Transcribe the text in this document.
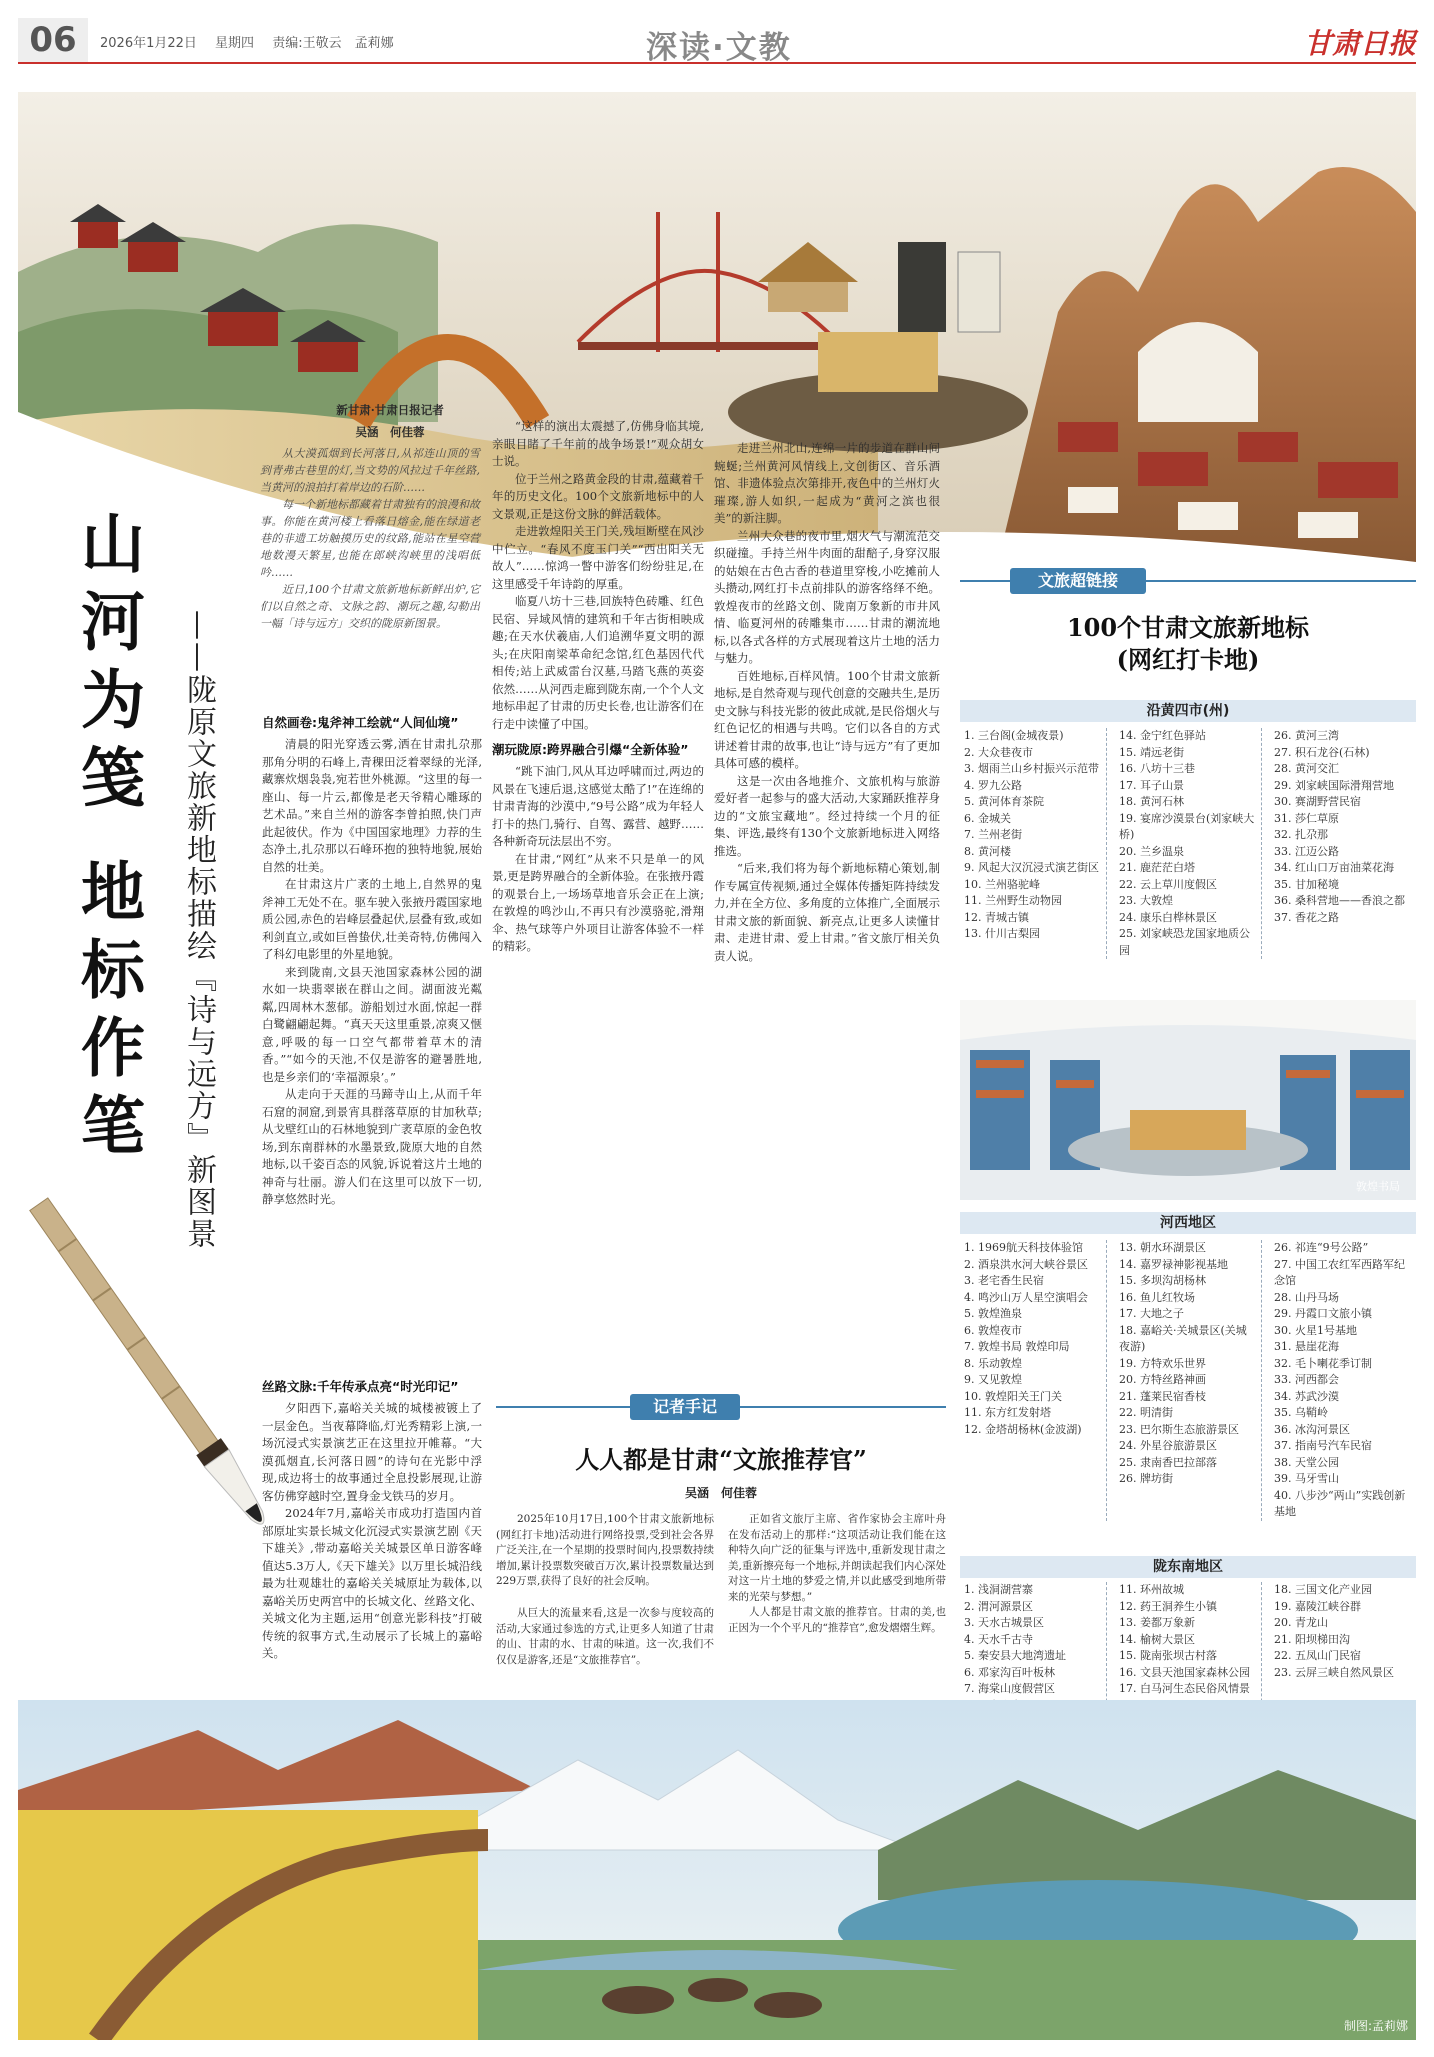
06	2026年1月22日 星期四 责编:王敬云　孟莉娜	深读·文教	甘肃日报
山河为笺 地标作笔 ——陇原文旅新地标描绘『诗与远方』新图景

新甘肃·甘肃日报记者

吴涵　何佳蓉

从大漠孤烟到长河落日,从祁连山顶的雪到青弗古巷里的灯,当文势的风拉过千年丝路,当黄河的浪拍打着岸边的石阶……

每一个新地标都藏着甘肃独有的浪漫和故事。你能在黄河楼上看落日熔金,能在绿道老巷的非遗工坊触摸历史的纹路,能站在星空营地数漫天繁星,也能在郎峡沟峡里的浅唱低吟……

近日,100个甘肃文旅新地标新鲜出炉,它们以自然之奇、文脉之韵、潮玩之趣,勾勒出一幅「诗与远方」交织的陇原新图景。

自然画卷:鬼斧神工绘就“人间仙境”

清晨的阳光穿透云雾,洒在甘肃扎尕那那角分明的石峰上,青稞田泛着翠绿的光泽,藏寨炊烟袅袅,宛若世外桃源。“这里的每一座山、每一片云,都像是老天爷精心雕琢的艺术品。”来自兰州的游客李曾拍照,快门声此起彼伏。作为《中国国家地理》力荐的生态净土,扎尕那以石峰环抱的独特地貌,展始自然的壮美。

在甘肃这片广袤的土地上,自然界的鬼斧神工无处不在。驱车驶入张掖丹霞国家地质公园,赤色的岩峰层叠起伏,层叠有致,或如利剑直立,或如巨兽蛰伏,壮美奇特,仿佛闯入了科幻电影里的外星地貌。

来到陇南,文县天池国家森林公园的湖水如一块翡翠嵌在群山之间。湖面波光粼粼,四周林木葱郁。游船划过水面,惊起一群白鹭翩翩起舞。“真天天这里重景,凉爽又惬意,呼吸的每一口空气都带着草木的清香。”“如今的天池,不仅是游客的避暑胜地,也是乡亲们的‘幸福源泉’。”

从走向于天涯的马蹄寺山上,从而千年石窟的洞窟,到景宵具群落草原的甘加秋草;从戈壁红山的石林地貌到广袤草原的金色牧场,到东南群林的水墨景致,陇原大地的自然地标,以千姿百态的风貌,诉说着这片土地的神奇与壮丽。游人们在这里可以放下一切,静享悠然时光。

丝路文脉:千年传承点亮“时光印记”

夕阳西下,嘉峪关关城的城楼被镀上了一层金色。当夜幕降临,灯光秀精彩上演,一场沉浸式实景演艺正在这里拉开帷幕。“大漠孤烟直,长河落日圆”的诗句在光影中浮现,成边将士的故事通过全息投影展现,让游客仿佛穿越时空,置身金戈铁马的岁月。

2024年7月,嘉峪关市成功打造国内首部原址实景长城文化沉浸式实景演艺剧《天下雄关》,带动嘉峪关关城景区单日游客峰值达5.3万人,《天下雄关》以万里长城沿线最为壮观雄壮的嘉峪关关城原址为载体,以嘉峪关历史两宫中的长城文化、丝路文化、关城文化为主题,运用“创意光影科技”打破传统的叙事方式,生动展示了长城上的嘉峪关。

“这样的演出太震撼了,仿佛身临其境,亲眼目睹了千年前的战争场景!”观众胡女士说。

位于兰州之路黄金段的甘肃,蕴藏着千年的历史文化。100个文旅新地标中的人文景观,正是这份文脉的鲜活载体。

走进敦煌阳关王门关,残垣断壁在风沙中伫立。“春风不度玉门关”“西出阳关无故人”……惊鸿一瞥中游客们纷纷驻足,在这里感受千年诗韵的厚重。

临夏八坊十三巷,回族特色砖雕、红色民宿、异域风情的建筑和千年古街相映成趣;在天水伏羲庙,人们追溯华夏文明的源头;在庆阳南梁革命纪念馆,红色基因代代相传;站上武威雷台汉墓,马踏飞燕的英姿依然……从河西走廊到陇东南,一个个人文地标串起了甘肃的历史长卷,也让游客们在行走中读懂了中国。

潮玩陇原:跨界融合引爆“全新体验”

“跳下油门,风从耳边呼啸而过,两边的风景在飞速后退,这感觉太酷了!”在连绵的甘肃青海的沙漠中,“9号公路”成为年轻人打卡的热门,骑行、自驾、露营、越野……各种新奇玩法层出不穷。

在甘肃,“网红”从来不只是单一的风景,更是跨界融合的全新体验。在张掖丹霞的观景台上,一场场草地音乐会正在上演;在敦煌的鸣沙山,不再只有沙漠骆驼,滑翔伞、热气球等户外项目让游客体验不一样的精彩。

走进兰州北山,连绵一片的步道在群山间蜿蜒;兰州黄河风情线上,文创街区、音乐酒馆、非遗体验点次第排开,夜色中的兰州灯火璀璨,游人如织,一起成为“黄河之滨也很美”的新注脚。

兰州大众巷的夜市里,烟火气与潮流范交织碰撞。手持兰州牛肉面的甜醅子,身穿汉服的姑娘在古色古香的巷道里穿梭,小吃摊前人头攒动,网红打卡点前排队的游客络绎不绝。敦煌夜市的丝路文创、陇南万象新的市井风情、临夏河州的砖雕集市……甘肃的潮流地标,以各式各样的方式展现着这片土地的活力与魅力。

百姓地标,百样风情。100个甘肃文旅新地标,是自然奇观与现代创意的交融共生,是历史文脉与科技光影的彼此成就,是民俗烟火与红色记忆的相遇与共鸣。它们以各自的方式讲述着甘肃的故事,也让“诗与远方”有了更加具体可感的模样。

这是一次由各地推介、文旅机构与旅游爱好者一起参与的盛大活动,大家踊跃推荐身边的“文旅宝藏地”。经过持续一个月的征集、评选,最终有130个文旅新地标进入网络推选。

“后来,我们将为每个新地标精心策划,制作专属宣传视频,通过全媒体传播矩阵持续发力,并在全方位、多角度的立体推广,全面展示甘肃文旅的新面貌、新亮点,让更多人读懂甘肃、走进甘肃、爱上甘肃。”省文旅厅相关负责人说。

文旅超链接
100个甘肃文旅新地标
(网红打卡地)
沿黄四市(州)
1. 三台阁(金城夜景)
2. 大众巷夜市
3. 烟雨兰山乡村振兴示范带
4. 罗九公路
5. 黄河体育茶院
6. 金城关
7. 兰州老街
8. 黄河楼
9. 风起大汉沉浸式演艺街区
10. 兰州骆驼峰
11. 兰州野生动物园
12. 青城古镇
13. 什川古梨园
14. 金宁红色驿站
15. 靖远老街
16. 八坊十三巷
17. 耳子山景
18. 黄河石林
19. 宴席沙漠景台(刘家峡大桥)
20. 兰乡温泉
21. 鹿茫茫白塔
22. 云上草川度假区
23. 大敦煌
24. 康乐白桦林景区
25. 刘家峡恐龙国家地质公园
26. 黄河三湾
27. 积石龙谷(石林)
28. 黄河交汇
29. 刘家峡国际滑翔营地
30. 赛湖野营民宿
31. 莎仁草原
32. 扎尕那
33. 江迈公路
34. 红山口万亩油菜花海
35. 甘加秘境
36. 桑科营地——香浪之都
37. 香花之路
敦煌书局
河西地区
1. 1969航天科技体验馆
2. 酒泉洪水河大峡谷景区
3. 老宅香生民宿
4. 鸣沙山万人星空演唱会
5. 敦煌渔泉
6. 敦煌夜市
7. 敦煌书局 敦煌印局
8. 乐动敦煌
9. 又见敦煌
10. 敦煌阳关王门关
11. 东方红发射塔
12. 金塔胡杨林(金波湖)
13. 朝水环湖景区
14. 嘉罗禄神影视基地
15. 多坝沟胡杨林
16. 鱼儿红牧场
17. 大地之子
18. 嘉峪关·关城景区(关城夜游)
19. 方特欢乐世界
20. 方特丝路神画
21. 蓬莱民宿香枝
22. 明清街
23. 巴尔斯生态旅游景区
24. 外星谷旅游景区
25. 隶南香巴拉部落
26. 牌坊街
26. 祁连“9号公路”
27. 中国工农红军西路军纪念馆
28. 山丹马场
29. 丹霞口文旅小镇
30. 火星1号基地
31. 悬崖花海
32. 毛卜喇花季订制
33. 河西都会
34. 苏武沙漠
35. 乌鞘岭
36. 冰沟河景区
37. 指南号汽车民宿
38. 天堂公园
39. 马牙雪山
40. 八步沙“两山”实践创新基地
陇东南地区
1. 浅洞湖营寨
2. 渭河源景区
3. 天水古城景区
4. 天水千古寺
5. 秦安县大地湾遗址
6. 邓家沟百叶板林
7. 海棠山度假营区
11. 环州故城
12. 药王洞养生小镇
13. 姜都万象新
14. 榆树大景区
15. 陇南张坝古村落
16. 文县天池国家森林公园
17. 白马河生态民俗风情景
18. 三国文化产业园
19. 嘉陵江峡谷群
20. 青龙山
21. 阳坝梯田沟
22. 五凤山门民宿
23. 云屏三峡自然风景区
记者手记
人人都是甘肃“文旅推荐官”
吴涵　何佳蓉

2025年10月17日,100个甘肃文旅新地标(网红打卡地)活动进行网络投票,受到社会各界广泛关注,在一个星期的投票时间内,投票数持续增加,累计投票数突破百万次,累计投票数量达到229万票,获得了良好的社会反响。

正如省文旅厅主席、省作家协会主席叶舟在发布活动上的那样:“这项活动让我们能在这种特久向广泛的征集与评选中,重新发现甘肃之美,重新擦亮每一个地标,并朗读起我们内心深处对这一片土地的梦爱之情,并以此感受到地所带来的光荣与梦想。”

人人都是甘肃文旅的推荐官。甘肃的美,也正因为一个个平凡的“推荐官”,愈发熠熠生辉。

从巨大的流量来看,这是一次参与度较高的活动,大家通过参选的方式,让更多人知道了甘肃的山、甘肃的水、甘肃的味道。这一次,我们不仅仅是游客,还是“文旅推荐官”。

制图:孟莉娜
